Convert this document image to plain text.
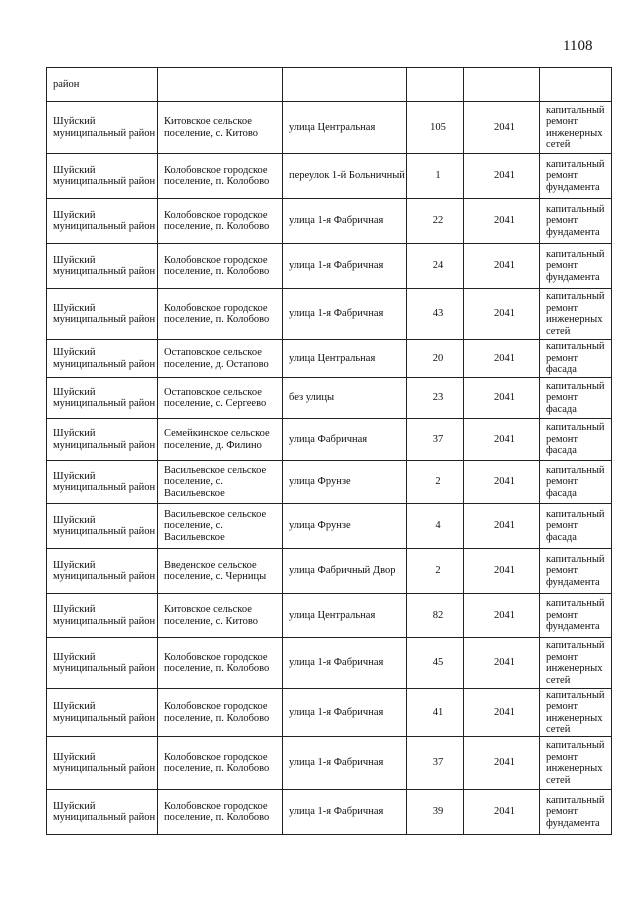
1108
район					
Шуйский муниципальный район	Китовское сельское поселение, с. Китово	улица Центральная	105	2041	капитальный ремонт инженерных сетей
Шуйский муниципальный район	Колобовское городское поселение, п. Колобово	переулок 1-й Больничный	1	2041	капитальный ремонт фундамента
Шуйский муниципальный район	Колобовское городское поселение, п. Колобово	улица 1-я Фабричная	22	2041	капитальный ремонт фундамента
Шуйский муниципальный район	Колобовское городское поселение, п. Колобово	улица 1-я Фабричная	24	2041	капитальный ремонт фундамента
Шуйский муниципальный район	Колобовское городское поселение, п. Колобово	улица 1-я Фабричная	43	2041	капитальный ремонт инженерных сетей
Шуйский муниципальный район	Остаповское сельское поселение, д. Остапово	улица Центральная	20	2041	капитальный ремонт фасада
Шуйский муниципальный район	Остаповское сельское поселение, с. Сергеево	без улицы	23	2041	капитальный ремонт фасада
Шуйский муниципальный район	Семейкинское сельское поселение, д. Филино	улица Фабричная	37	2041	капитальный ремонт фасада
Шуйский муниципальный район	Васильевское сельское поселение, с. Васильевское	улица Фрунзе	2	2041	капитальный ремонт фасада
Шуйский муниципальный район	Васильевское сельское поселение, с. Васильевское	улица Фрунзе	4	2041	капитальный ремонт фасада
Шуйский муниципальный район	Введенское сельское поселение, с. Черницы	улица Фабричный Двор	2	2041	капитальный ремонт фундамента
Шуйский муниципальный район	Китовское сельское поселение, с. Китово	улица Центральная	82	2041	капитальный ремонт фундамента
Шуйский муниципальный район	Колобовское городское поселение, п. Колобово	улица 1-я Фабричная	45	2041	капитальный ремонт инженерных сетей
Шуйский муниципальный район	Колобовское городское поселение, п. Колобово	улица 1-я Фабричная	41	2041	капитальный ремонт инженерных сетей
Шуйский муниципальный район	Колобовское городское поселение, п. Колобово	улица 1-я Фабричная	37	2041	капитальный ремонт инженерных сетей
Шуйский муниципальный район	Колобовское городское поселение, п. Колобово	улица 1-я Фабричная	39	2041	капитальный ремонт фундамента
